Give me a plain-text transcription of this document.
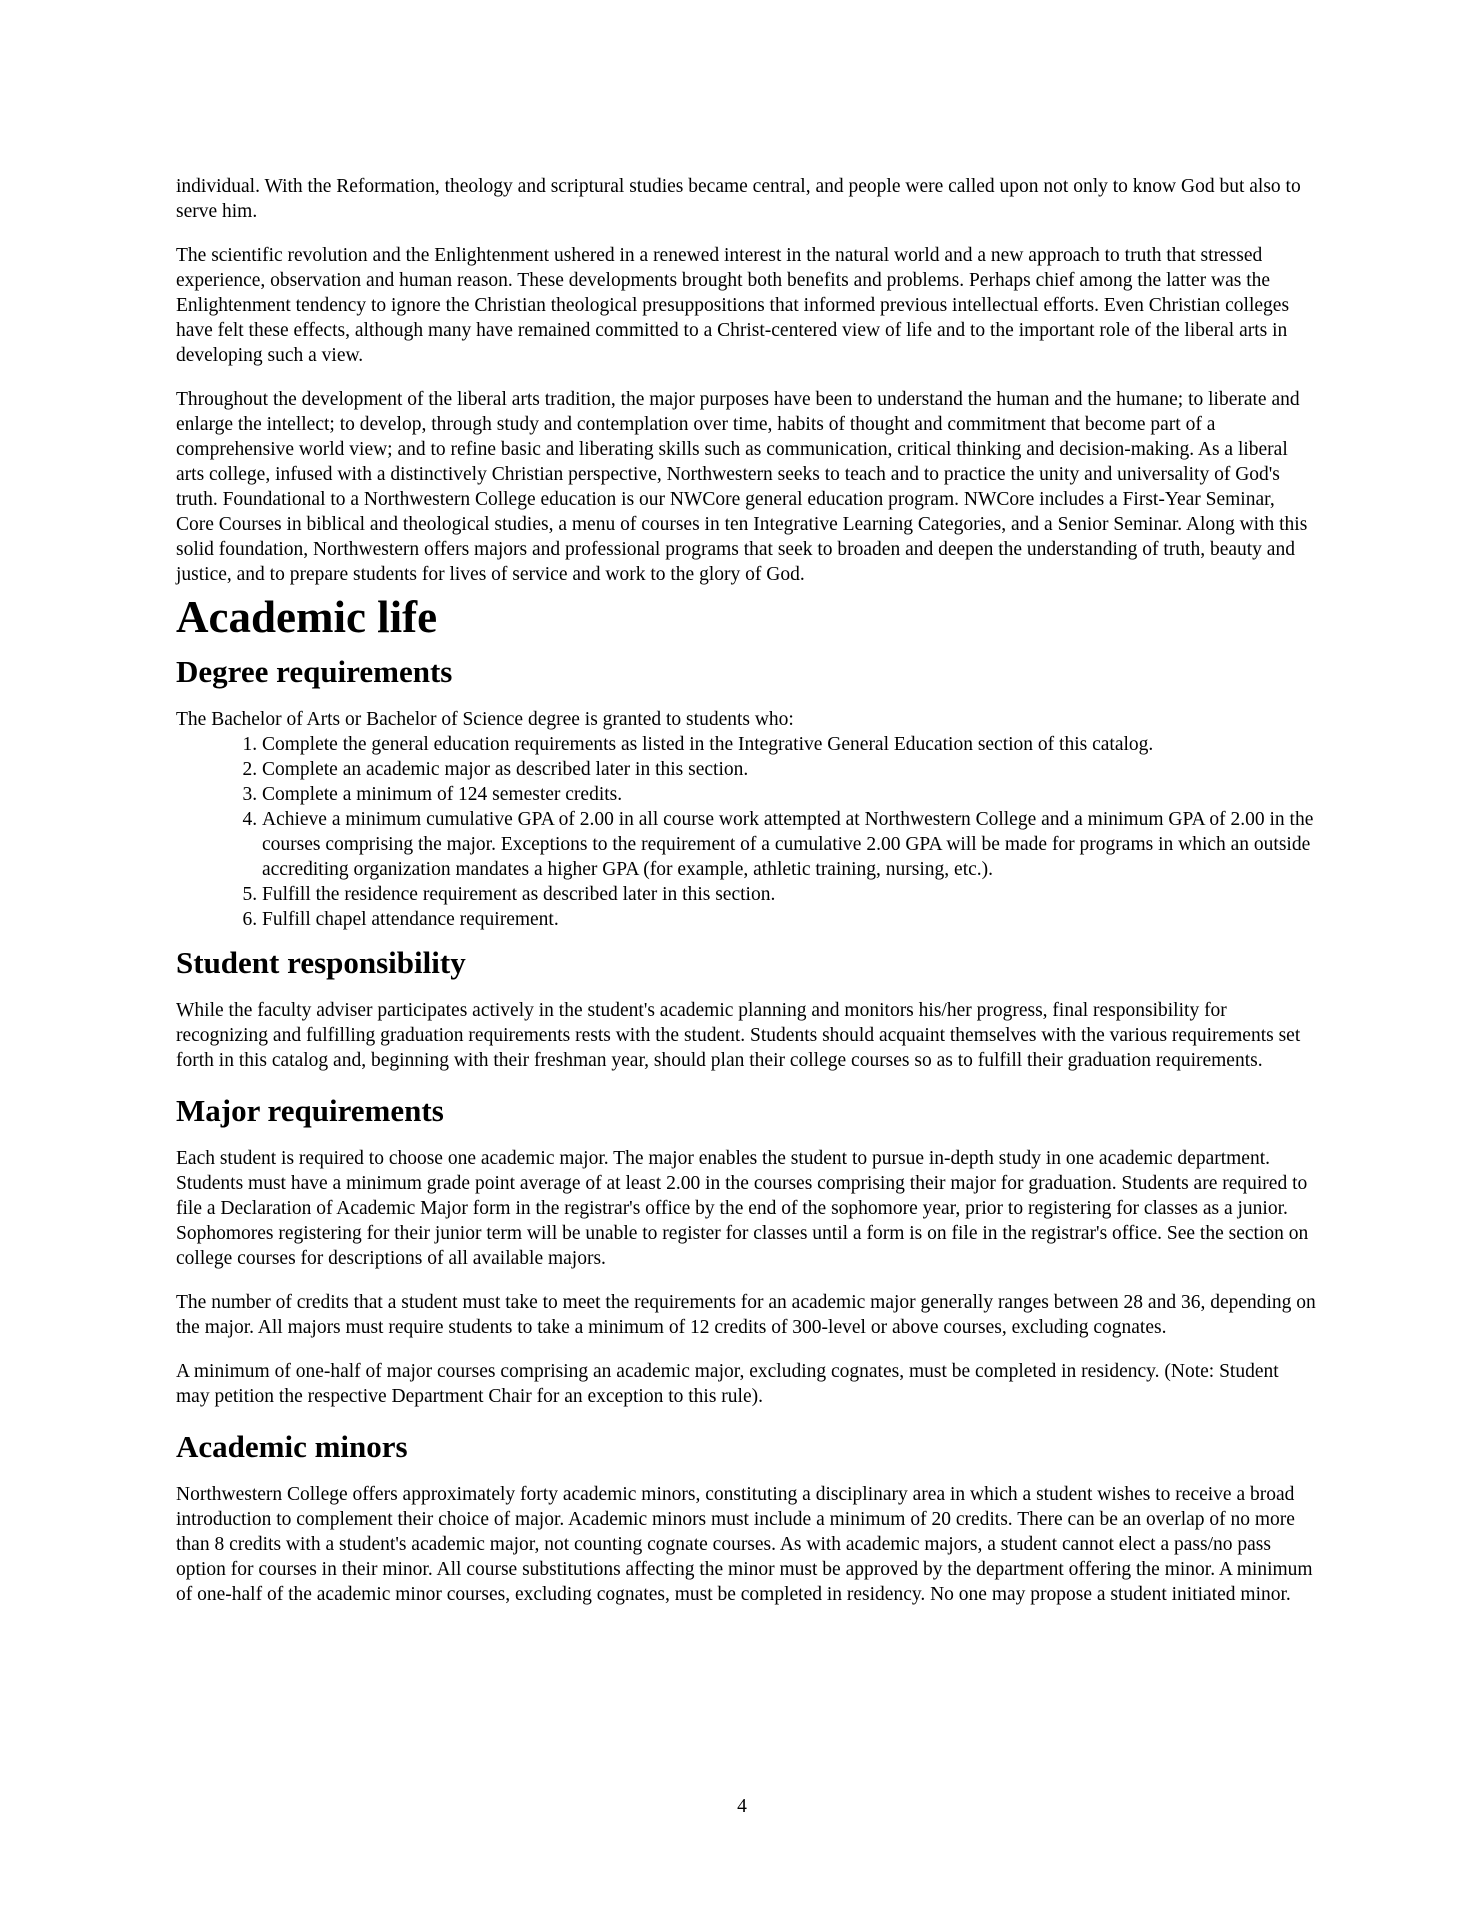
individual. With the Reformation, theology and scriptural studies became central, and people were called upon not only to know God but also to serve him.

The scientific revolution and the Enlightenment ushered in a renewed interest in the natural world and a new approach to truth that stressed experience, observation and human reason. These developments brought both benefits and problems. Perhaps chief among the latter was the Enlightenment tendency to ignore the Christian theological presuppositions that informed previous intellectual efforts. Even Christian colleges have felt these effects, although many have remained committed to a Christ-centered view of life and to the important role of the liberal arts in developing such a view.

Throughout the development of the liberal arts tradition, the major purposes have been to understand the human and the humane; to liberate and enlarge the intellect; to develop, through study and contemplation over time, habits of thought and commitment that become part of a comprehensive world view; and to refine basic and liberating skills such as communication, critical thinking and decision-making. As a liberal arts college, infused with a distinctively Christian perspective, Northwestern seeks to teach and to practice the unity and universality of God's truth. Foundational to a Northwestern College education is our NWCore general education program. NWCore includes a First-Year Seminar, Core Courses in biblical and theological studies, a menu of courses in ten Integrative Learning Categories, and a Senior Seminar. Along with this solid foundation, Northwestern offers majors and professional programs that seek to broaden and deepen the understanding of truth, beauty and justice, and to prepare students for lives of service and work to the glory of God.

Academic life
Degree requirements

The Bachelor of Arts or Bachelor of Science degree is granted to students who:

1. Complete the general education requirements as listed in the Integrative General Education section of this catalog.
2. Complete an academic major as described later in this section.
3. Complete a minimum of 124 semester credits.
4. Achieve a minimum cumulative GPA of 2.00 in all course work attempted at Northwestern College and a minimum GPA of 2.00 in the courses comprising the major. Exceptions to the requirement of a cumulative 2.00 GPA will be made for programs in which an outside accrediting organization mandates a higher GPA (for example, athletic training, nursing, etc.).
5. Fulfill the residence requirement as described later in this section.
6. Fulfill chapel attendance requirement.
Student responsibility

While the faculty adviser participates actively in the student's academic planning and monitors his/her progress, final responsibility for recognizing and fulfilling graduation requirements rests with the student. Students should acquaint themselves with the various requirements set forth in this catalog and, beginning with their freshman year, should plan their college courses so as to fulfill their graduation requirements.

Major requirements

Each student is required to choose one academic major. The major enables the student to pursue in-depth study in one academic department. Students must have a minimum grade point average of at least 2.00 in the courses comprising their major for graduation. Students are required to file a Declaration of Academic Major form in the registrar's office by the end of the sophomore year, prior to registering for classes as a junior. Sophomores registering for their junior term will be unable to register for classes until a form is on file in the registrar's office. See the section on college courses for descriptions of all available majors.

The number of credits that a student must take to meet the requirements for an academic major generally ranges between 28 and 36, depending on the major. All majors must require students to take a minimum of 12 credits of 300-level or above courses, excluding cognates.

A minimum of one-half of major courses comprising an academic major, excluding cognates, must be completed in residency. (Note: Student may petition the respective Department Chair for an exception to this rule).

Academic minors

Northwestern College offers approximately forty academic minors, constituting a disciplinary area in which a student wishes to receive a broad introduction to complement their choice of major. Academic minors must include a minimum of 20 credits. There can be an overlap of no more than 8 credits with a student's academic major, not counting cognate courses. As with academic majors, a student cannot elect a pass/no pass option for courses in their minor. All course substitutions affecting the minor must be approved by the department offering the minor. A minimum of one-half of the academic minor courses, excluding cognates, must be completed in residency. No one may propose a student initiated minor.

4
